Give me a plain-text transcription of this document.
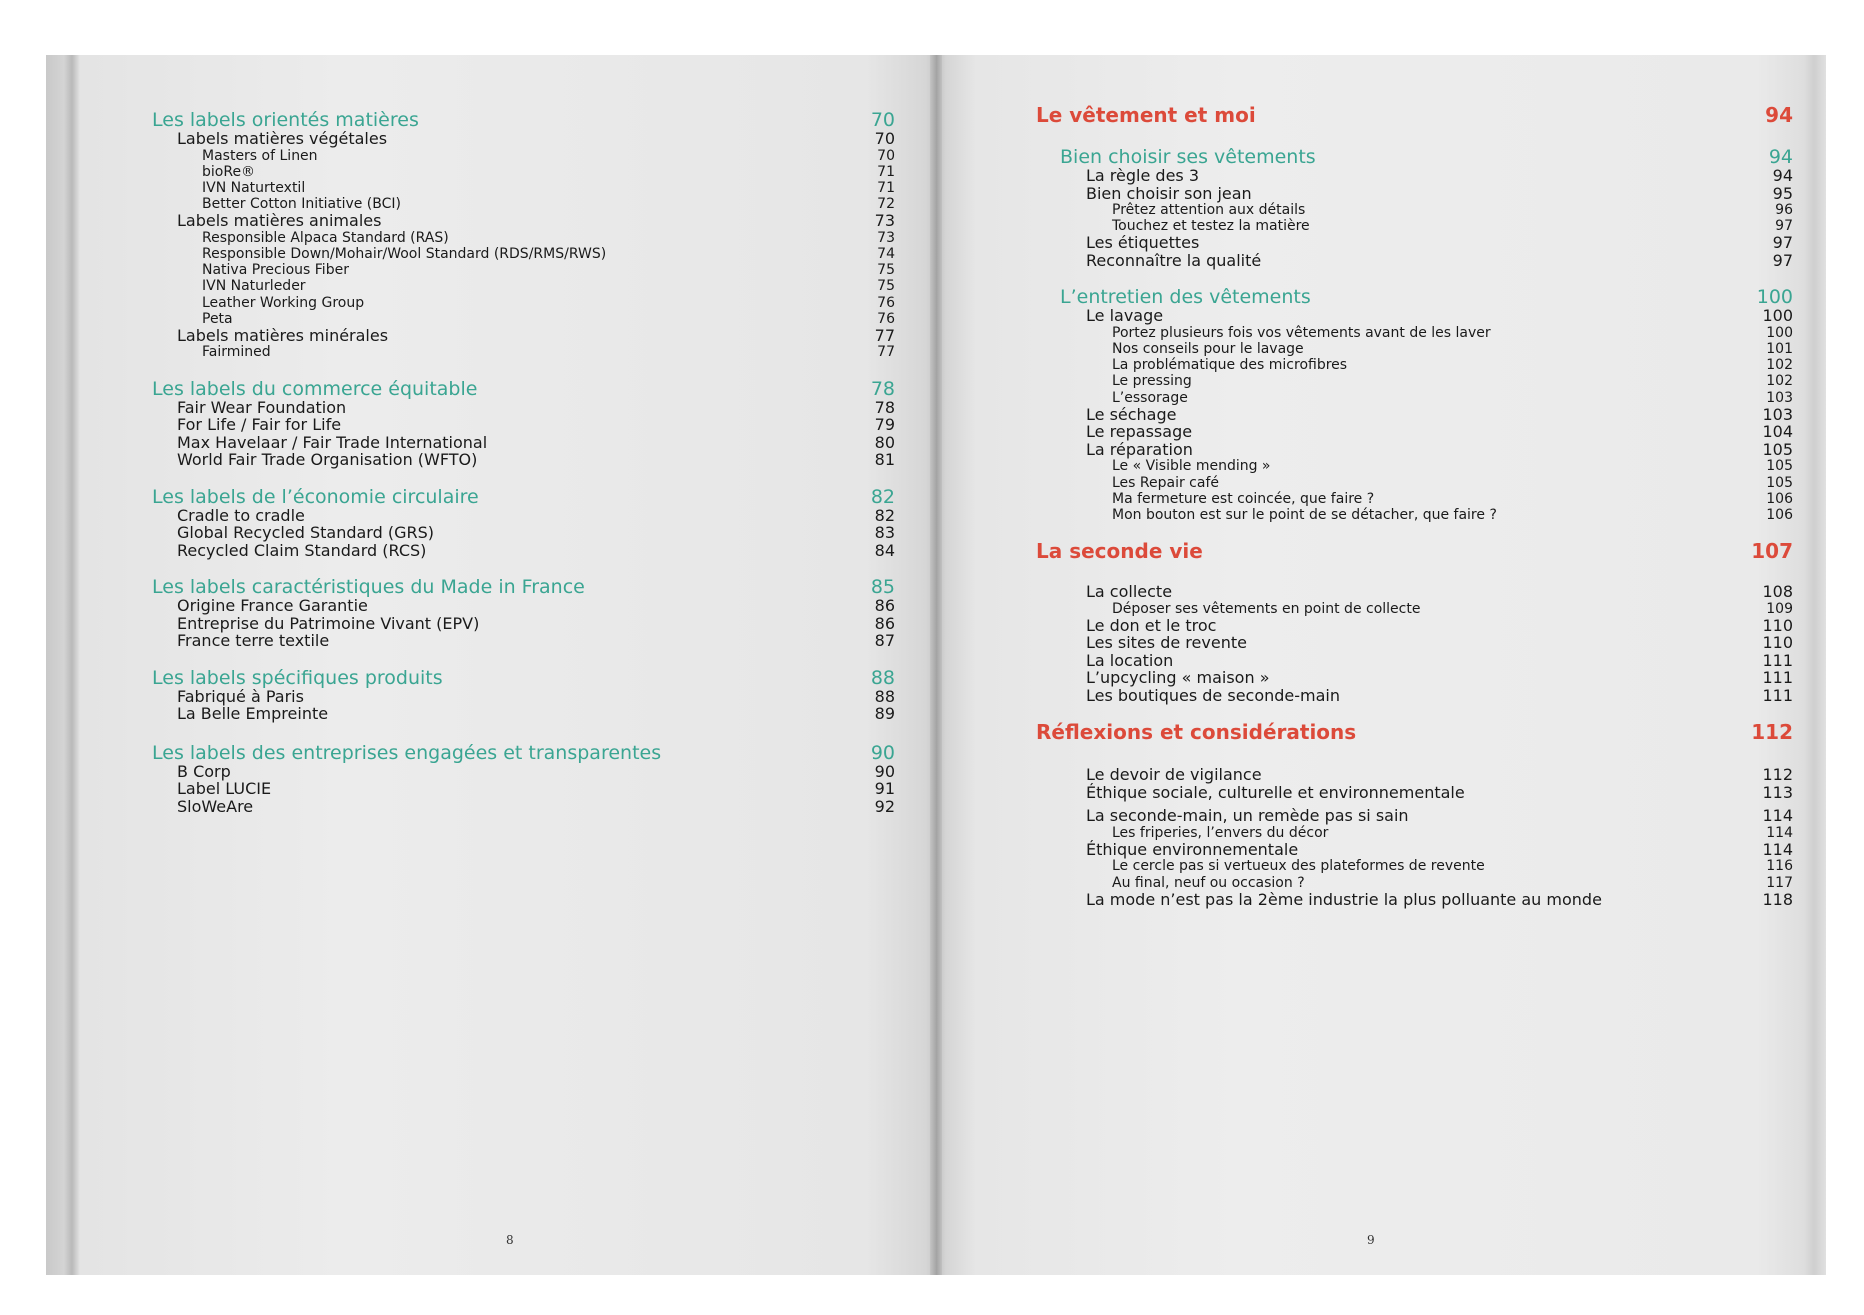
Les labels orientés matières	70
Labels matières végétales	70
Masters of Linen	70
bioRe®	71
IVN Naturtextil	71
Better Cotton Initiative (BCI)	72
Labels matières animales	73
Responsible Alpaca Standard (RAS)	73
Responsible Down/Mohair/Wool Standard (RDS/RMS/RWS)	74
Nativa Precious Fiber	75
IVN Naturleder	75
Leather Working Group	76
Peta	76
Labels matières minérales	77
Fairmined	77
Les labels du commerce équitable	78
Fair Wear Foundation	78
For Life / Fair for Life	79
Max Havelaar / Fair Trade International	80
World Fair Trade Organisation (WFTO)	81
Les labels de l’économie circulaire	82
Cradle to cradle	82
Global Recycled Standard (GRS)	83
Recycled Claim Standard (RCS)	84
Les labels caractéristiques du Made in France	85
Origine France Garantie	86
Entreprise du Patrimoine Vivant (EPV)	86
France terre textile	87
Les labels spécifiques produits	88
Fabriqué à Paris	88
La Belle Empreinte	89
Les labels des entreprises engagées et transparentes	90
B Corp	90
Label LUCIE	91
SloWeAre	92
8
Le vêtement et moi	94
Bien choisir ses vêtements	94
La règle des 3	94
Bien choisir son jean	95
Prêtez attention aux détails	96
Touchez et testez la matière	97
Les étiquettes	97
Reconnaître la qualité	97
L’entretien des vêtements	100
Le lavage	100
Portez plusieurs fois vos vêtements avant de les laver	100
Nos conseils pour le lavage	101
La problématique des microfibres	102
Le pressing	102
L’essorage	103
Le séchage	103
Le repassage	104
La réparation	105
Le « Visible mending »	105
Les Repair café	105
Ma fermeture est coincée, que faire ?	106
Mon bouton est sur le point de se détacher, que faire ?	106
La seconde vie	107
La collecte	108
Déposer ses vêtements en point de collecte	109
Le don et le troc	110
Les sites de revente	110
La location	111
L’upcycling « maison »	111
Les boutiques de seconde-main	111
Réflexions et considérations	112
Le devoir de vigilance	112
Éthique sociale, culturelle et environnementale	113
La seconde-main, un remède pas si sain	114
Les friperies, l’envers du décor	114
Éthique environnementale	114
Le cercle pas si vertueux des plateformes de revente	116
Au final, neuf ou occasion ?	117
La mode n’est pas la 2ème industrie la plus polluante au monde	118
9
